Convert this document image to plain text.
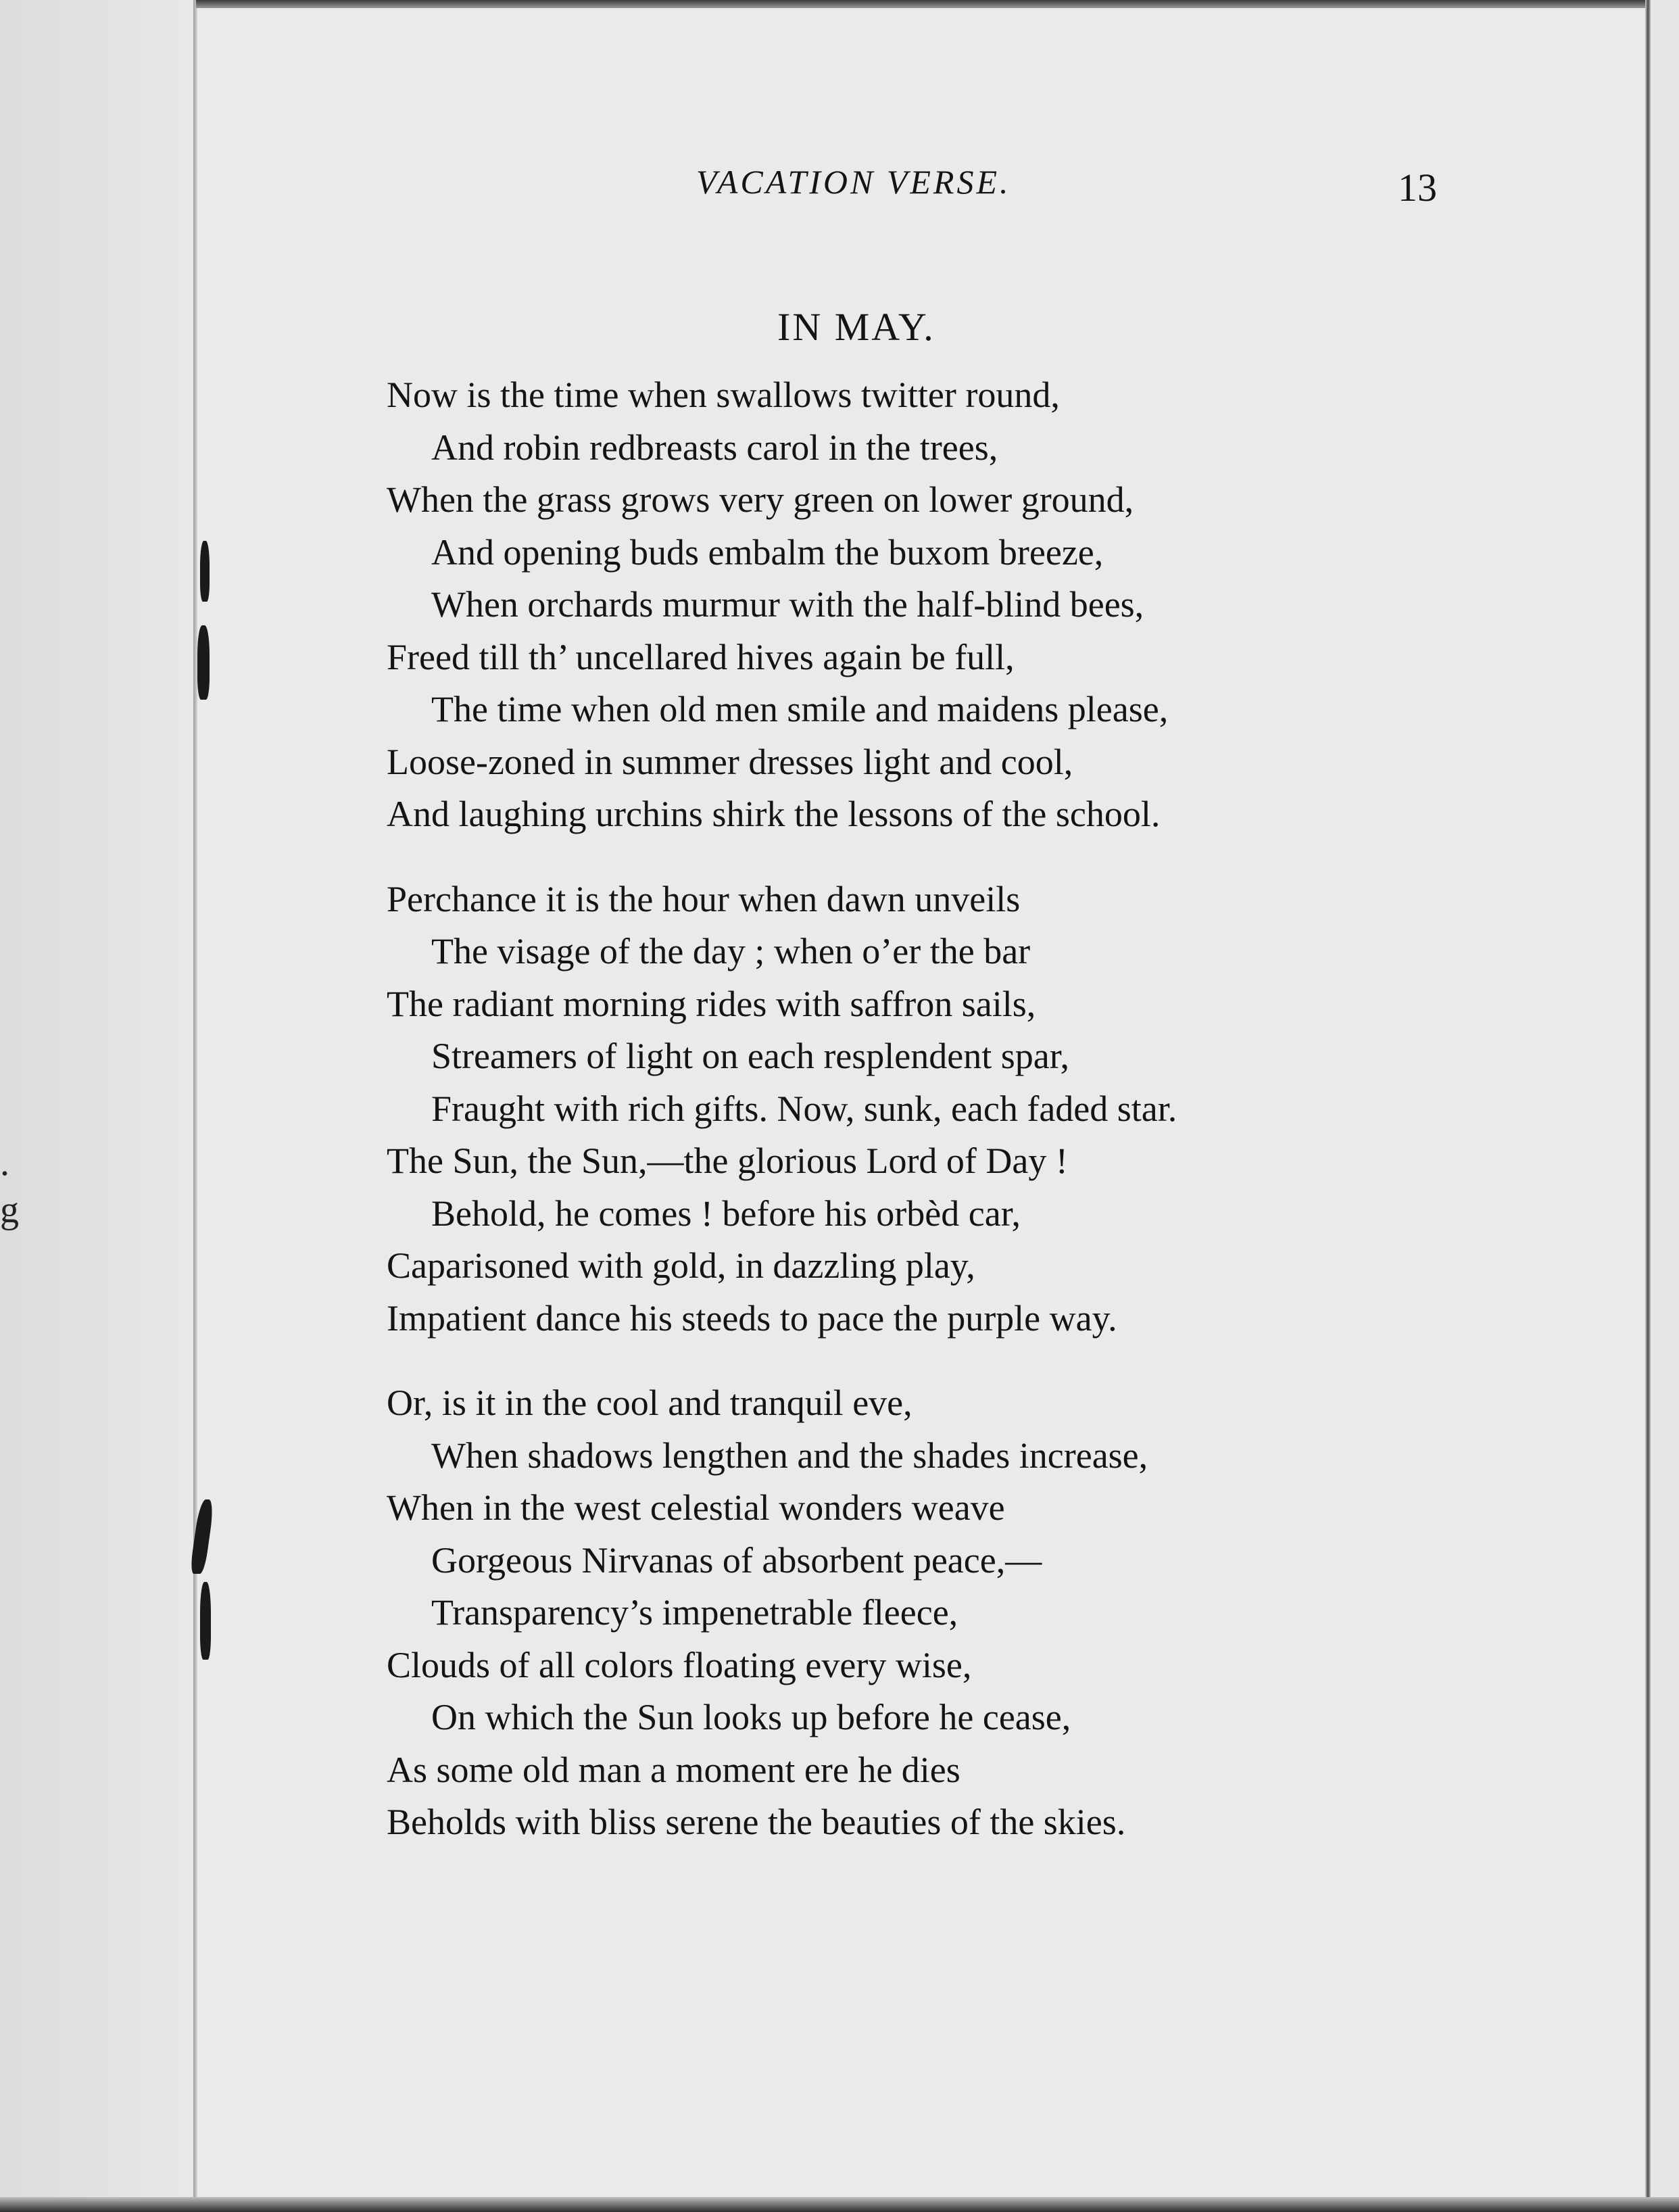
.
g
VACATION VERSE.	13
IN MAY.
Now is the time when swallows twitter round,
And robin redbreasts carol in the trees,
When the grass grows very green on lower ground,
And opening buds embalm the buxom breeze,
When orchards murmur with the half-blind bees,
Freed till th’ uncellared hives again be full,
The time when old men smile and maidens please,
Loose-zoned in summer dresses light and cool,
And laughing urchins shirk the lessons of the school.
Perchance it is the hour when dawn unveils
The visage of the day ; when o’er the bar
The radiant morning rides with saffron sails,
Streamers of light on each resplendent spar,
Fraught with rich gifts. Now, sunk, each faded star.
The Sun, the Sun,—the glorious Lord of Day !
Behold, he comes ! before his orbèd car,
Caparisoned with gold, in dazzling play,
Impatient dance his steeds to pace the purple way.
Or, is it in the cool and tranquil eve,
When shadows lengthen and the shades increase,
When in the west celestial wonders weave
Gorgeous Nirvanas of absorbent peace,—
Transparency’s impenetrable fleece,
Clouds of all colors floating every wise,
On which the Sun looks up before he cease,
As some old man a moment ere he dies
Beholds with bliss serene the beauties of the skies.
